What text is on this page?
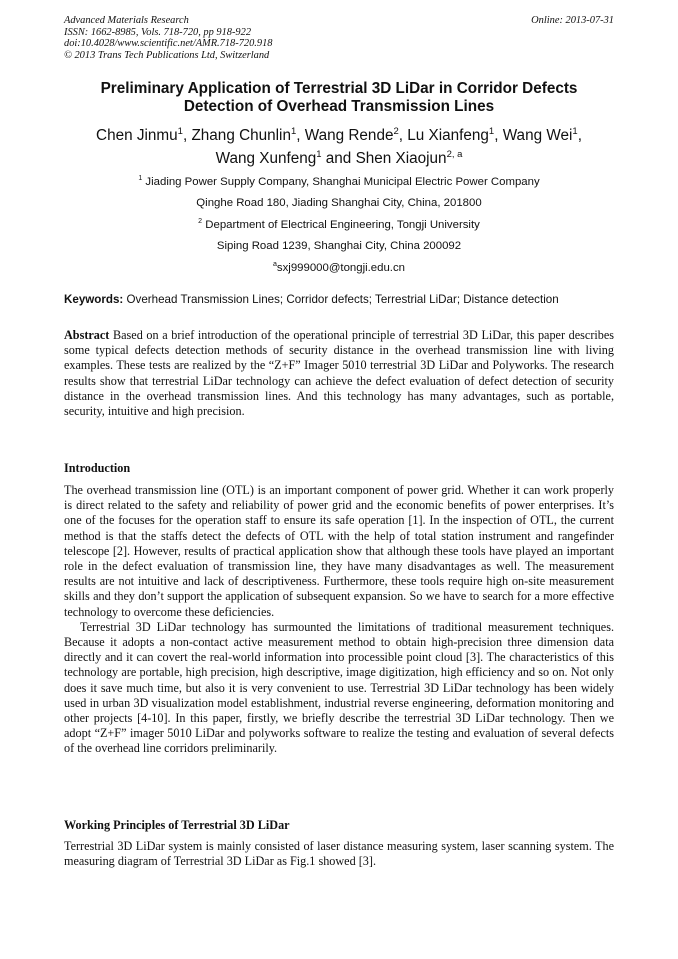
Advanced Materials Research
ISSN: 1662-8985, Vols. 718-720, pp 918-922
doi:10.4028/www.scientific.net/AMR.718-720.918
© 2013 Trans Tech Publications Ltd, Switzerland
Online: 2013-07-31
Preliminary Application of Terrestrial 3D LiDar in Corridor Defects
Detection of Overhead Transmission Lines
Chen Jinmu$^1$, Zhang Chunlin$^1$, Wang Rende$^2$, Lu Xianfeng$^1$, Wang Wei$^1$,
Wang Xunfeng$^1$ and Shen Xiaojun$^{2, a}$
$^1$ Jiading Power Supply Company, Shanghai Municipal Electric Power Company
Qinghe Road 180, Jiading Shanghai City, China, 201800
$^2$ Department of Electrical Engineering, Tongji University
Siping Road 1239, Shanghai City, China 200092
$^a$sxj999000@tongji.edu.cn
Keywords: Overhead Transmission Lines; Corridor defects; Terrestrial LiDar; Distance detection

Abstract Based on a brief introduction of the operational principle of terrestrial 3D LiDar, this paper describes some typical defects detection methods of security distance in the overhead transmission line with living examples. These tests are realized by the “Z+F” Imager 5010 terrestrial 3D LiDar and Polyworks. The research results show that terrestrial LiDar technology can achieve the defect evaluation of defect detection of security distance in the overhead transmission lines. And this technology has many advantages, such as portable, security, intuitive and high precision.

Introduction

The overhead transmission line (OTL) is an important component of power grid. Whether it can work properly is direct related to the safety and reliability of power grid and the economic benefits of power enterprises. It’s one of the focuses for the operation staff to ensure its safe operation [1]. In the inspection of OTL, the current method is that the staffs detect the defects of OTL with the help of total station instrument and rangefinder telescope [2]. However, results of practical application show that although these tools have played an important role in the defect evaluation of transmission line, they have many disadvantages as well. The measurement results are not intuitive and lack of descriptiveness. Furthermore, these tools require high on-site measurement skills and they don’t support the application of subsequent expansion. So we have to search for a more effective technology to overcome these deficiencies.

Terrestrial 3D LiDar technology has surmounted the limitations of traditional measurement techniques. Because it adopts a non-contact active measurement method to obtain high-precision three dimension data directly and it can covert the real-world information into processible point cloud [3]. The characteristics of this technology are portable, high precision, high descriptive, image digitization, high efficiency and so on. Not only does it save much time, but also it is very convenient to use. Terrestrial 3D LiDar technology has been widely used in urban 3D visualization model establishment, industrial reverse engineering, deformation monitoring and other projects [4-10]. In this paper, firstly, we briefly describe the terrestrial 3D LiDar technology. Then we adopt “Z+F” imager 5010 LiDar and polyworks software to realize the testing and evaluation of several defects of the overhead line corridors preliminarily.

Working Principles of Terrestrial 3D LiDar

Terrestrial 3D LiDar system is mainly consisted of laser distance measuring system, laser scanning system. The measuring diagram of Terrestrial 3D LiDar as Fig.1 showed [3].
